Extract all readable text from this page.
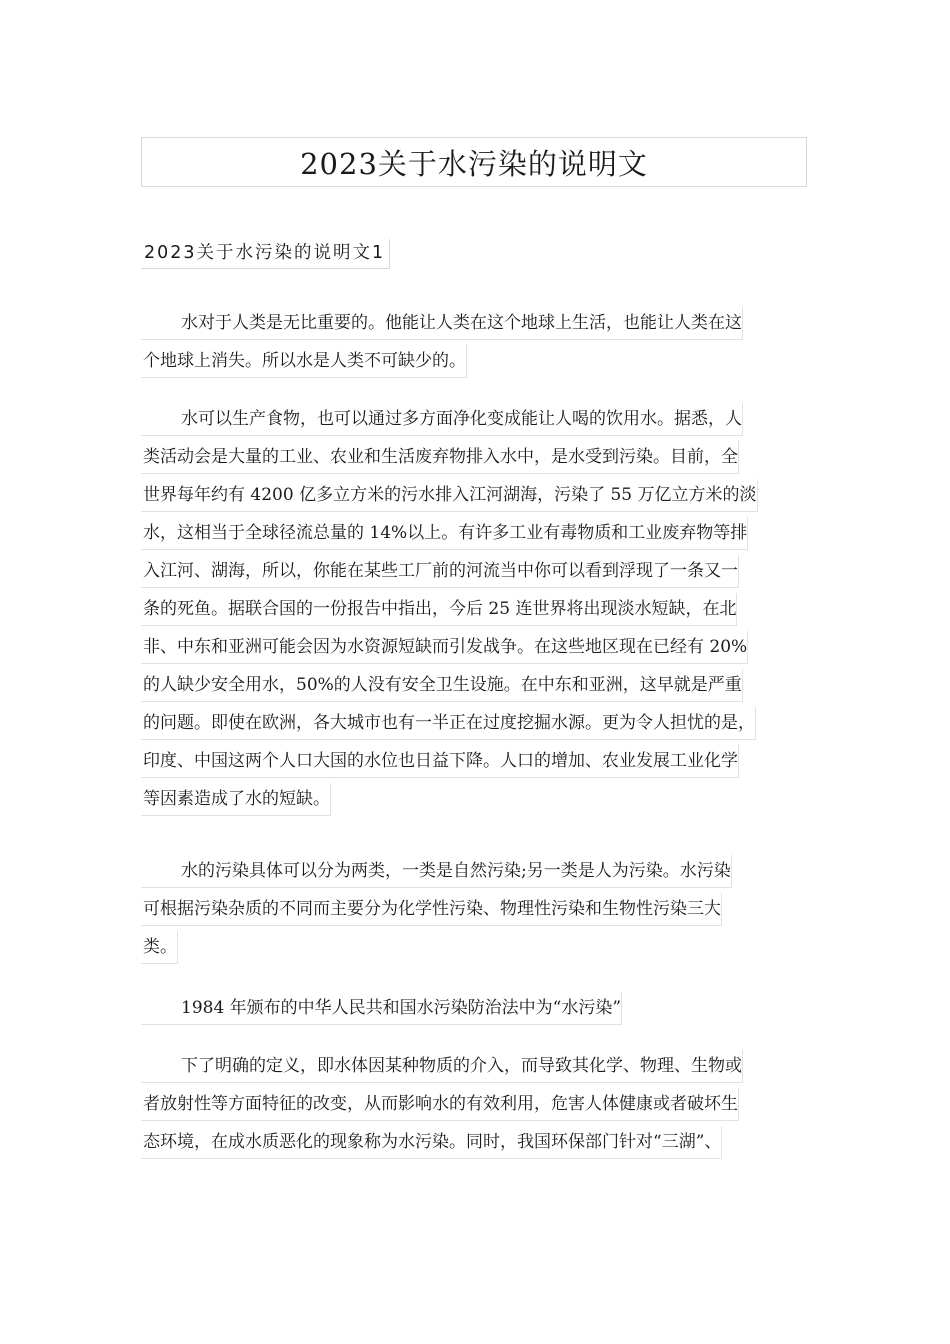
2023关于水污染的说明文
2023关于水污染的说明文1
水对于人类是无比重要的。他能让人类在这个地球上生活，也能让人类在这
个地球上消失。所以水是人类不可缺少的。
水可以生产食物，也可以通过多方面净化变成能让人喝的饮用水。据悉，人
类活动会是大量的工业、农业和生活废弃物排入水中，是水受到污染。目前，全
世界每年约有 4200 亿多立方米的污水排入江河湖海，污染了 55 万亿立方米的淡
水，这相当于全球径流总量的 14%以上。有许多工业有毒物质和工业废弃物等排
入江河、湖海，所以，你能在某些工厂前的河流当中你可以看到浮现了一条又一
条的死鱼。据联合国的一份报告中指出，今后 25 连世界将出现淡水短缺，在北
非、中东和亚洲可能会因为水资源短缺而引发战争。在这些地区现在已经有 20%
的人缺少安全用水，50%的人没有安全卫生设施。在中东和亚洲，这早就是严重
的问题。即使在欧洲，各大城市也有一半正在过度挖掘水源。更为令人担忧的是，
印度、中国这两个人口大国的水位也日益下降。人口的增加、农业发展工业化学
等因素造成了水的短缺。
水的污染具体可以分为两类，一类是自然污染;另一类是人为污染。水污染
可根据污染杂质的不同而主要分为化学性污染、物理性污染和生物性污染三大
类。
1984 年颁布的中华人民共和国水污染防治法中为“水污染”
下了明确的定义，即水体因某种物质的介入，而导致其化学、物理、生物或
者放射性等方面特征的改变，从而影响水的有效利用，危害人体健康或者破坏生
态环境，在成水质恶化的现象称为水污染。同时，我国环保部门针对“三湖”、
